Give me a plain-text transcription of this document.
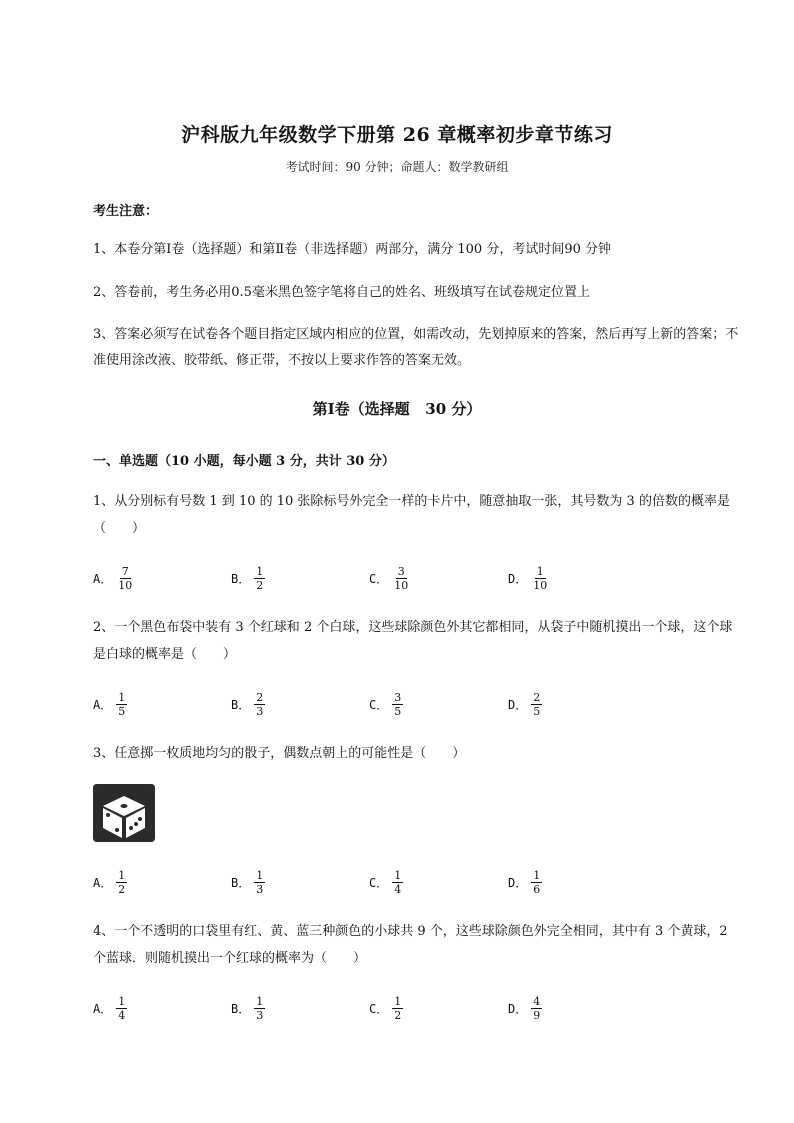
沪科版九年级数学下册第 26 章概率初步章节练习
考试时间：90 分钟；命题人：数学教研组
考生注意：
1、本卷分第Ⅰ卷（选择题）和第Ⅱ卷（非选择题）两部分，满分 100 分，考试时间90 分钟
2、答卷前，考生务必用0.5毫米黑色签字笔将自己的姓名、班级填写在试卷规定位置上
3、答案必须写在试卷各个题目指定区域内相应的位置，如需改动，先划掉原来的答案，然后再写上新的答案；不准使用涂改液、胶带纸、修正带，不按以上要求作答的答案无效。
第Ⅰ卷（选择题   30 分）
一、单选题（10 小题，每小题 3 分，共计 30 分）
1、从分别标有号数 1 到 10 的 10 张除标号外完全一样的卡片中，随意抽取一张，其号数为 3 的倍数的概率是（　　）
A． $\frac{7}{10}$	B． $\frac{1}{2}$	C． $\frac{3}{10}$	D． $\frac{1}{10}$
2、一个黑色布袋中装有 3 个红球和 2 个白球，这些球除颜色外其它都相同，从袋子中随机摸出一个球，这个球是白球的概率是（　　）
A． $\frac{1}{5}$	B． $\frac{2}{3}$	C． $\frac{3}{5}$	D． $\frac{2}{5}$
3、任意掷一枚质地均匀的骰子，偶数点朝上的可能性是（　　）
A． $\frac{1}{2}$	B． $\frac{1}{3}$	C． $\frac{1}{4}$	D． $\frac{1}{6}$
4、一个不透明的口袋里有红、黄、蓝三种颜色的小球共 9 个，这些球除颜色外完全相同，其中有 3 个黄球，2 个蓝球．则随机摸出一个红球的概率为（　　）
A． $\frac{1}{4}$	B． $\frac{1}{3}$	C． $\frac{1}{2}$	D． $\frac{4}{9}$
